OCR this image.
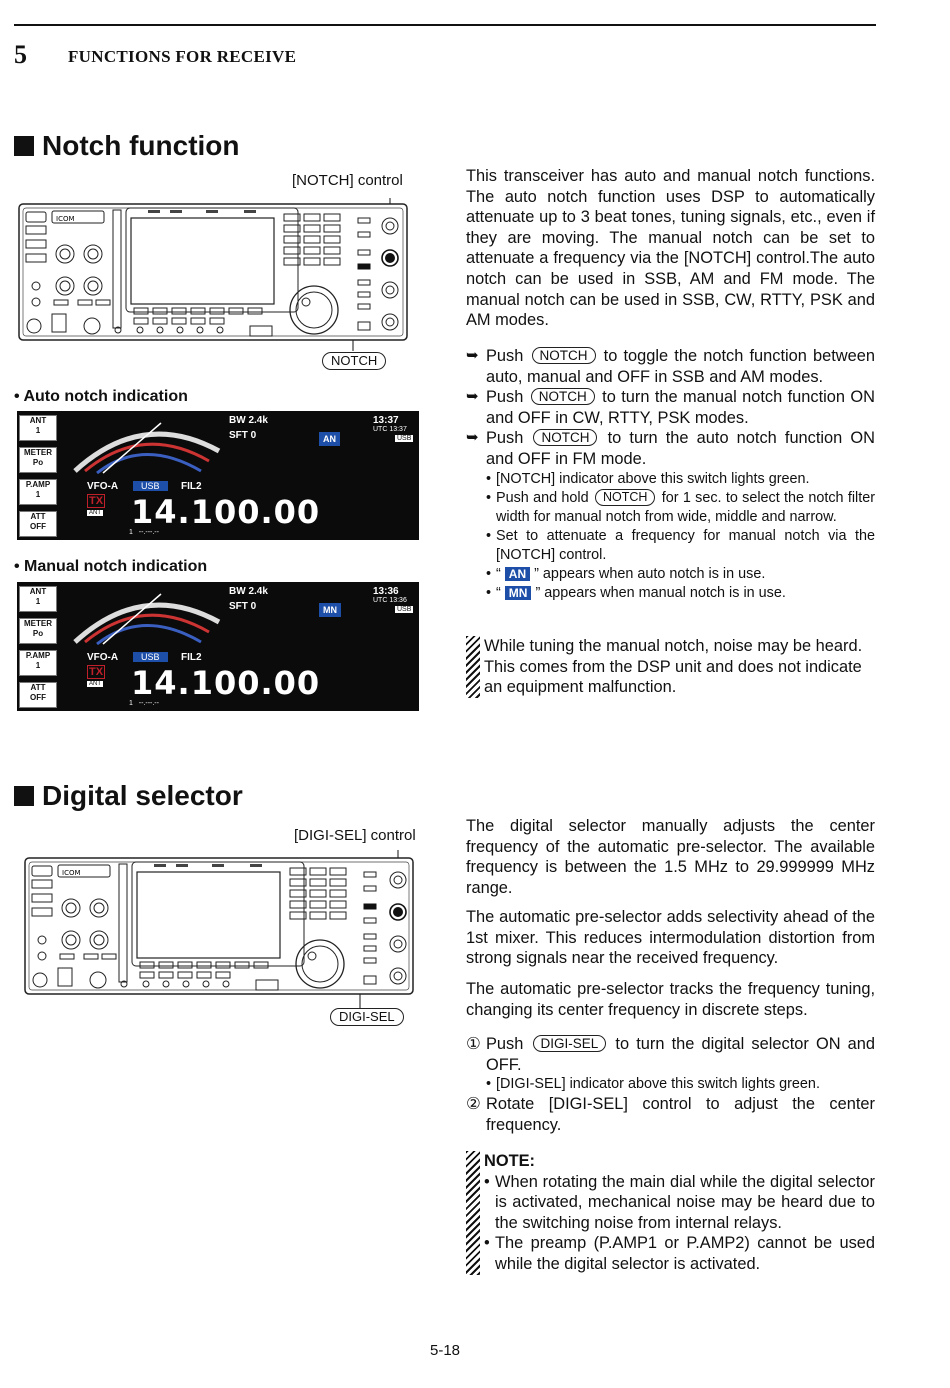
5 FUNCTIONS FOR RECEIVE
Notch function
[NOTCH] control
ICOM
NOTCH
• Auto notch indication
ANT
1
METER
Po
P.AMP
1
ATT
OFF
BW 2.4k
SFT 0
13:37
UTC 13:37
USB
AN
VFO-A	USB	FIL2
TX
ANT 14.100.00
1 --.---.--
• Manual notch indication
ANT
1
METER
Po
P.AMP
1
ATT
OFF
BW 2.4k
SFT 0
13:36
UTC 13:36
USB
MN
VFO-A	USB	FIL2
TX
ANT 14.100.00
1 --.---.--
This transceiver has auto and manual notch functions. The auto notch function uses DSP to automatically attenuate up to 3 beat tones, tuning signals, etc., even if they are moving. The manual notch can be set to attenuate a frequency via the [NOTCH] control.The auto notch can be used in SSB, AM and FM mode. The manual notch can be used in SSB, CW, RTTY, PSK and AM modes.
➥ Push NOTCH to toggle the notch function between auto, manual and OFF in SSB and AM modes.
➥ Push NOTCH to turn the manual notch function ON and OFF in CW, RTTY, PSK modes.
➥ Push NOTCH to turn the auto notch function ON and OFF in FM mode.
• [NOTCH] indicator above this switch lights green.
• Push and hold NOTCH for 1 sec. to select the notch filter width for manual notch from wide, middle and narrow.
• Set to attenuate a frequency for manual notch via the [NOTCH] control.
• “ AN ” appears when auto notch is in use.
• “ MN ” appears when manual notch is in use.
While tuning the manual notch, noise may be heard. This comes from the DSP unit and does not indicate an equipment malfunction.
Digital selector
[DIGI-SEL] control
ICOM
DIGI-SEL
The digital selector manually adjusts the center frequency of the automatic pre-selector. The available frequency is between the 1.5 MHz to 29.999999 MHz range.
The automatic pre-selector adds selectivity ahead of the 1st mixer. This reduces intermodulation distortion from strong signals near the received frequency.
The automatic pre-selector tracks the frequency tuning, changing its center frequency in discrete steps.
① Push DIGI-SEL to turn the digital selector ON and OFF.
• [DIGI-SEL] indicator above this switch lights green.
② Rotate [DIGI-SEL] control to adjust the center frequency.
NOTE:
• When rotating the main dial while the digital selector is activated, mechanical noise may be heard due to the switching noise from internal relays.
• The preamp (P.AMP1 or P.AMP2) cannot be used while the digital selector is activated.
5-18
